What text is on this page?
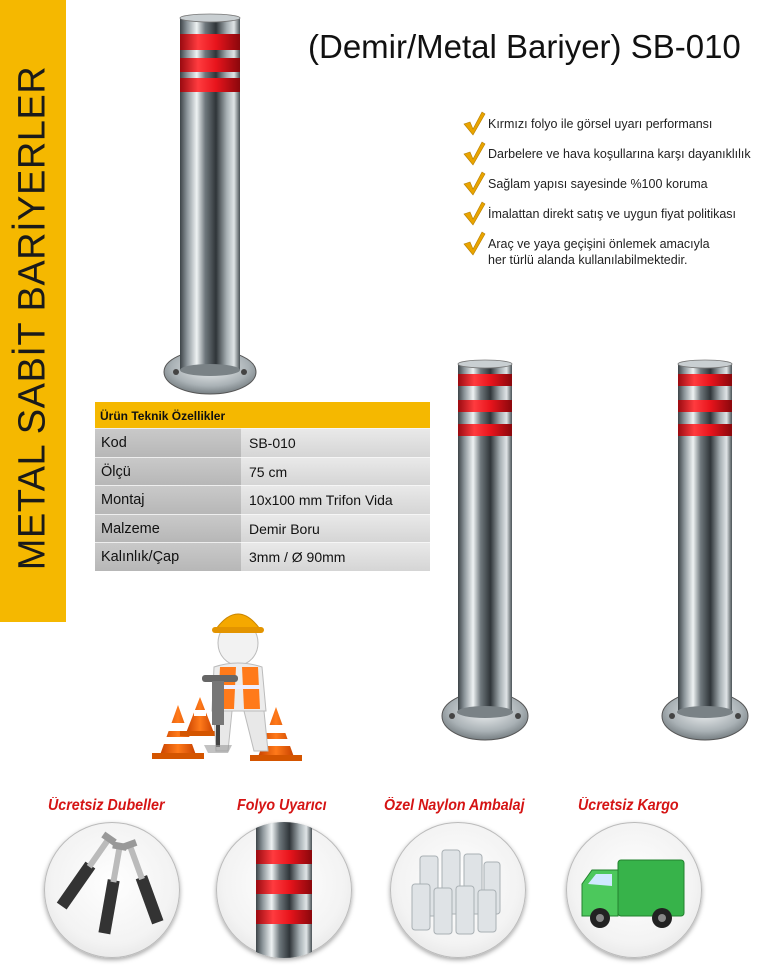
METAL SABİT BARİYERLER
(Demir/Metal Bariyer) SB-010
Kırmızı folyo ile görsel uyarı performansı
Darbelere ve hava koşullarına karşı dayanıklılık
Sağlam yapısı sayesinde %100 koruma
İmalattan direkt satış ve uygun fiyat politikası
Araç ve yaya geçişini önlemek amacıyla
her türlü alanda kullanılabilmektedir.
Ürün Teknik Özellikler
Kod	SB-010
Ölçü	75 cm
Montaj	10x100 mm Trifon Vida
Malzeme	Demir Boru
Kalınlık/Çap	3mm / Ø 90mm
Ücretsiz Dubeller	Folyo Uyarıcı	Özel Naylon Ambalaj	Ücretsiz Kargo
